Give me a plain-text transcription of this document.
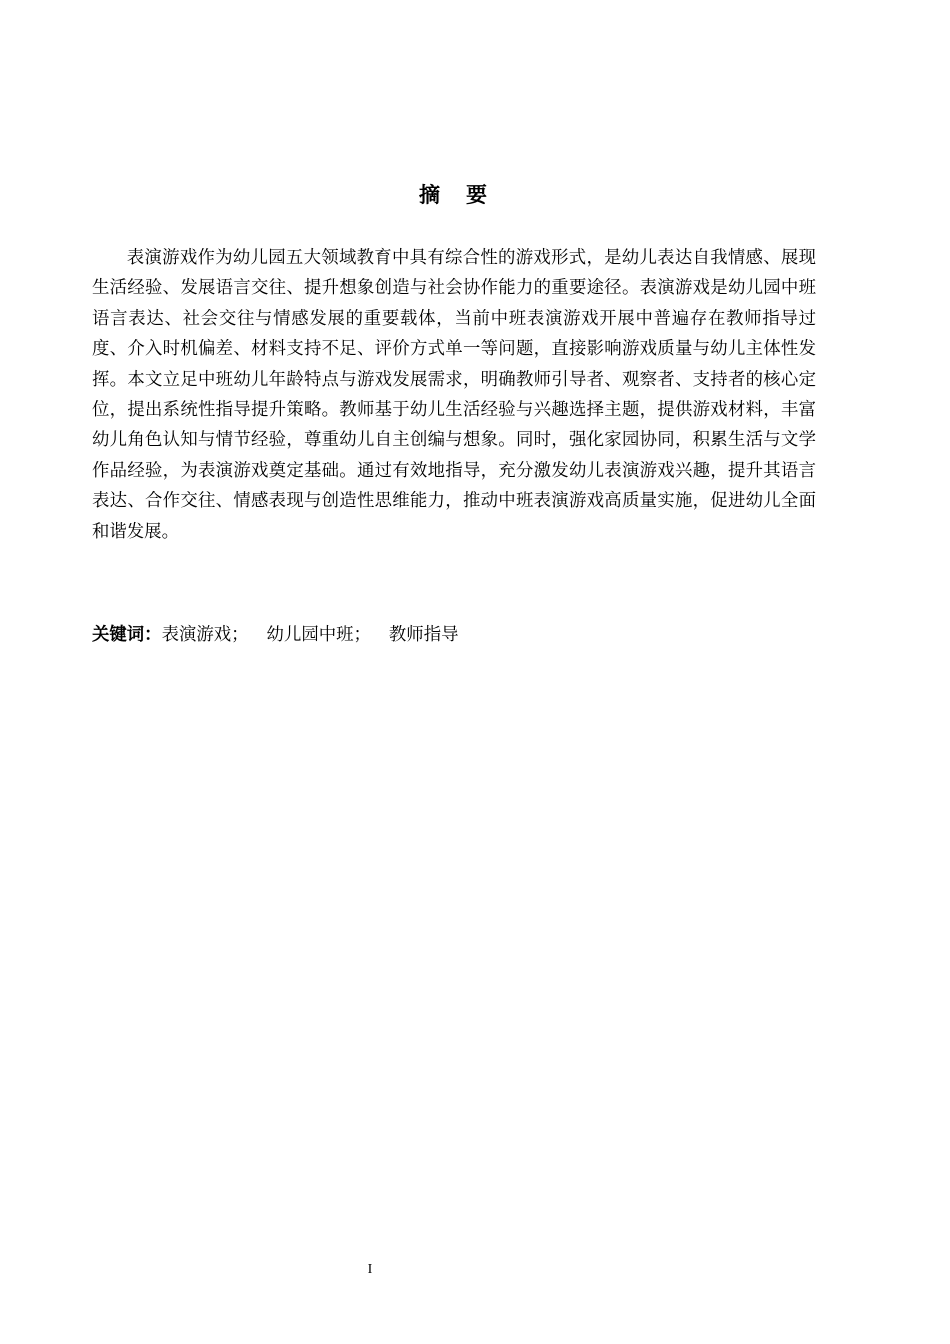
摘 要

表演游戏作为幼儿园五大领域教育中具有综合性的游戏形式，是幼儿表达自我情感、展现生活经验、发展语言交往、提升想象创造与社会协作能力的重要途径。表演游戏是幼儿园中班语言表达、社会交往与情感发展的重要载体，当前中班表演游戏开展中普遍存在教师指导过度、介入时机偏差、材料支持不足、评价方式单一等问题，直接影响游戏质量与幼儿主体性发挥。本文立足中班幼儿年龄特点与游戏发展需求，明确教师引导者、观察者、支持者的核心定位，提出系统性指导提升策略。教师基于幼儿生活经验与兴趣选择主题，提供游戏材料，丰富幼儿角色认知与情节经验，尊重幼儿自主创编与想象。同时，强化家园协同，积累生活与文学作品经验，为表演游戏奠定基础。通过有效地指导，充分激发幼儿表演游戏兴趣，提升其语言表达、合作交往、情感表现与创造性思维能力，推动中班表演游戏高质量实施，促进幼儿全面和谐发展。

关键词：表演游戏； 幼儿园中班； 教师指导
I
